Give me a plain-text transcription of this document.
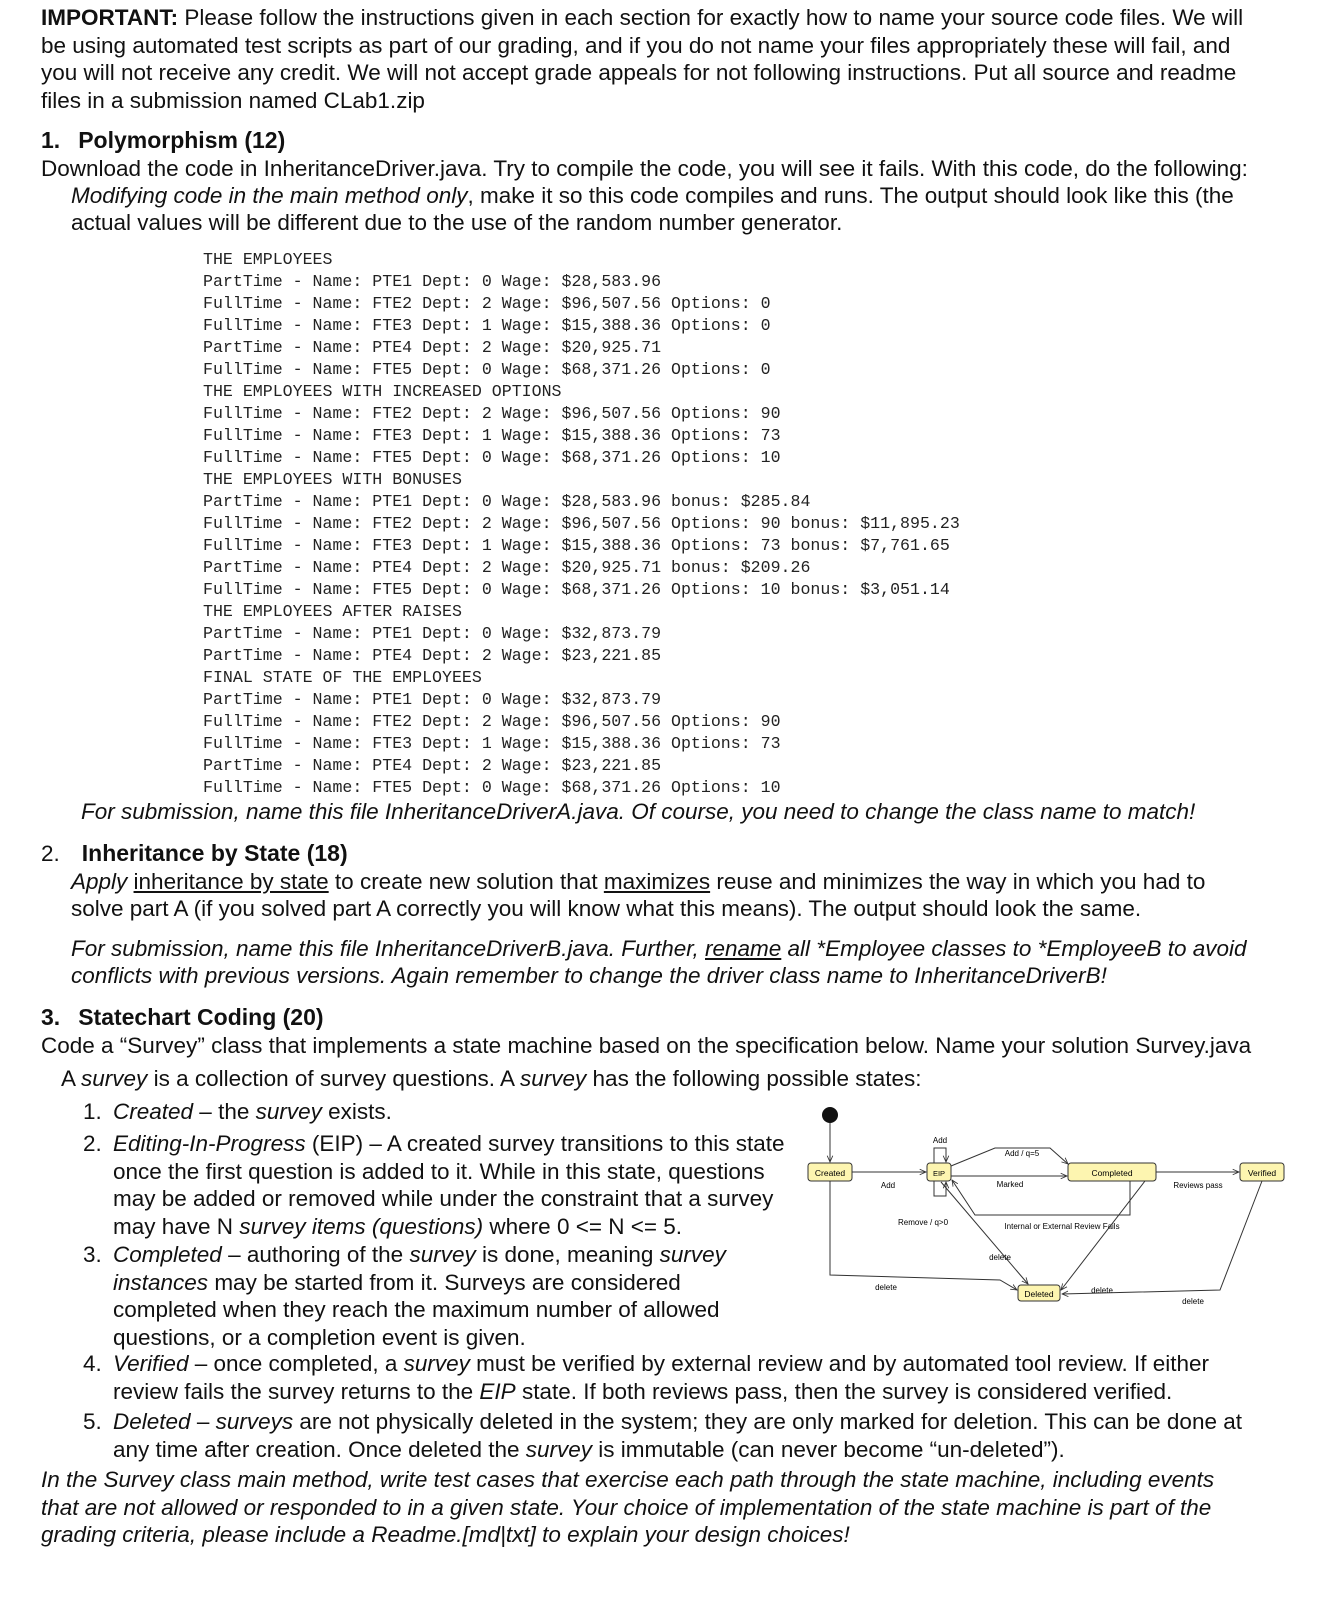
IMPORTANT: Please follow the instructions given in each section for exactly how to name your source code files. We will
be using automated test scripts as part of our grading, and if you do not name your files appropriately these will fail, and
you will not receive any credit. We will not accept grade appeals for not following instructions. Put all source and readme
files in a submission named CLab1.zip
1. Polymorphism (12)
Download the code in InheritanceDriver.java. Try to compile the code, you will see it fails. With this code, do the following:
Modifying code in the main method only, make it so this code compiles and runs. The output should look like this (the
actual values will be different due to the use of the random number generator.
THE EMPLOYEES
PartTime - Name: PTE1 Dept: 0 Wage: $28,583.96
FullTime - Name: FTE2 Dept: 2 Wage: $96,507.56 Options: 0
FullTime - Name: FTE3 Dept: 1 Wage: $15,388.36 Options: 0
PartTime - Name: PTE4 Dept: 2 Wage: $20,925.71
FullTime - Name: FTE5 Dept: 0 Wage: $68,371.26 Options: 0
THE EMPLOYEES WITH INCREASED OPTIONS
FullTime - Name: FTE2 Dept: 2 Wage: $96,507.56 Options: 90
FullTime - Name: FTE3 Dept: 1 Wage: $15,388.36 Options: 73
FullTime - Name: FTE5 Dept: 0 Wage: $68,371.26 Options: 10
THE EMPLOYEES WITH BONUSES
PartTime - Name: PTE1 Dept: 0 Wage: $28,583.96 bonus: $285.84
FullTime - Name: FTE2 Dept: 2 Wage: $96,507.56 Options: 90 bonus: $11,895.23
FullTime - Name: FTE3 Dept: 1 Wage: $15,388.36 Options: 73 bonus: $7,761.65
PartTime - Name: PTE4 Dept: 2 Wage: $20,925.71 bonus: $209.26
FullTime - Name: FTE5 Dept: 0 Wage: $68,371.26 Options: 10 bonus: $3,051.14
THE EMPLOYEES AFTER RAISES
PartTime - Name: PTE1 Dept: 0 Wage: $32,873.79
PartTime - Name: PTE4 Dept: 2 Wage: $23,221.85
FINAL STATE OF THE EMPLOYEES
PartTime - Name: PTE1 Dept: 0 Wage: $32,873.79
FullTime - Name: FTE2 Dept: 2 Wage: $96,507.56 Options: 90
FullTime - Name: FTE3 Dept: 1 Wage: $15,388.36 Options: 73
PartTime - Name: PTE4 Dept: 2 Wage: $23,221.85
FullTime - Name: FTE5 Dept: 0 Wage: $68,371.26 Options: 10
For submission, name this file InheritanceDriverA.java. Of course, you need to change the class name to match!
2. Inheritance by State (18)
Apply inheritance by state to create new solution that maximizes reuse and minimizes the way in which you had to
solve part A (if you solved part A correctly you will know what this means). The output should look the same.
For submission, name this file InheritanceDriverB.java. Further, rename all *Employee classes to *EmployeeB to avoid
conflicts with previous versions. Again remember to change the driver class name to InheritanceDriverB!
3. Statechart Coding (20)
Code a “Survey” class that implements a state machine based on the specification below. Name your solution Survey.java
A survey is a collection of survey questions. A survey has the following possible states:
1. Created – the survey exists.
2. Editing-In-Progress (EIP) – A created survey transitions to this state
once the first question is added to it. While in this state, questions
may be added or removed while under the constraint that a survey
may have N survey items (questions) where 0 <= N <= 5.
3. Completed – authoring of the survey is done, meaning survey
instances may be started from it. Surveys are considered
completed when they reach the maximum number of allowed
questions, or a completion event is given.
4. Verified – once completed, a survey must be verified by external review and by automated tool review. If either
review fails the survey returns to the EIP state. If both reviews pass, then the survey is considered verified.
5. Deleted – surveys are not physically deleted in the system; they are only marked for deletion. This can be done at
any time after creation. Once deleted the survey is immutable (can never become “un-deleted”).
In the Survey class main method, write test cases that exercise each path through the state machine, including events
that are not allowed or responded to in a given state. Your choice of implementation of the state machine is part of the
grading criteria, please include a Readme.[md|txt] to explain your design choices!
Created	EIP	Completed	Verified
Deleted
Add
Add
Remove / q>0
Add / q=5
Marked
Internal or External Review Fails
Reviews pass
delete
delete	delete
delete
